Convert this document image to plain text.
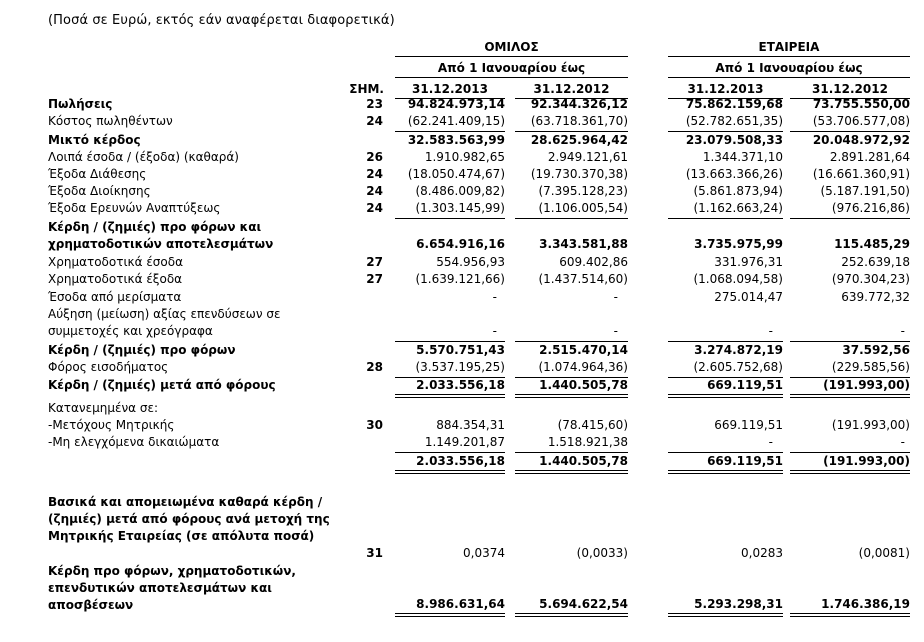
(Ποσά σε Ευρώ, εκτός εάν αναφέρεται διαφορετικά)
ΟΜΙΛΟΣ	ΕΤΑΙΡΕΙΑ
Από 1 Ιανουαρίου έως	Από 1 Ιανουαρίου έως
ΣΗΜ.	31.12.2013	31.12.2012	31.12.2013	31.12.2012
Πωλήσεις	23	94.824.973,14	92.344.326,12	75.862.159,68	73.755.550,00
Κόστος πωληθέντων	24	(62.241.409,15)	(63.718.361,70)	(52.782.651,35)	(53.706.577,08)
Μικτό κέρδος	32.583.563,99	28.625.964,42	23.079.508,33	20.048.972,92
Λοιπά έσοδα / (έξοδα) (καθαρά)	26	1.910.982,65	2.949.121,61	1.344.371,10	2.891.281,64
Έξοδα Διάθεσης	24	(18.050.474,67)	(19.730.370,38)	(13.663.366,26)	(16.661.360,91)
Έξοδα Διοίκησης	24	(8.486.009,82)	(7.395.128,23)	(5.861.873,94)	(5.187.191,50)
Έξοδα Ερευνών Αναπτύξεως	24	(1.303.145,99)	(1.106.005,54)	(1.162.663,24)	(976.216,86)
Κέρδη / (ζημιές) προ φόρων και
χρηματοδοτικών αποτελεσμάτων	6.654.916,16	3.343.581,88	3.735.975,99	115.485,29
Χρηματοδοτικά έσοδα	27	554.956,93	609.402,86	331.976,31	252.639,18
Χρηματοδοτικά έξοδα	27	(1.639.121,66)	(1.437.514,60)	(1.068.094,58)	(970.304,23)
Έσοδα από μερίσματα	-	-	275.014,47	639.772,32
Αύξηση (μείωση) αξίας επενδύσεων σε
συμμετοχές και χρεόγραφα	-	-	-	-
Κέρδη / (ζημιές) προ φόρων	5.570.751,43	2.515.470,14	3.274.872,19	37.592,56
Φόρος εισοδήματος	28	(3.537.195,25)	(1.074.964,36)	(2.605.752,68)	(229.585,56)
Κέρδη / (ζημιές) μετά από φόρους	2.033.556,18	1.440.505,78	669.119,51	(191.993,00)
Κατανεμημένα σε:
-Μετόχους Μητρικής	30	884.354,31	(78.415,60)	669.119,51	(191.993,00)
-Μη ελεγχόμενα δικαιώματα	1.149.201,87	1.518.921,38	-	-
2.033.556,18	1.440.505,78	669.119,51	(191.993,00)
Βασικά και απομειωμένα καθαρά κέρδη / (ζημιές) μετά από φόρους ανά μετοχή της Μητρικής Εταιρείας (σε απόλυτα ποσά)
31	0,0374	(0,0033)	0,0283	(0,0081)
Κέρδη προ φόρων, χρηματοδοτικών, επενδυτικών αποτελεσμάτων και αποσβέσεων	8.986.631,64	5.694.622,54	5.293.298,31	1.746.386,19
